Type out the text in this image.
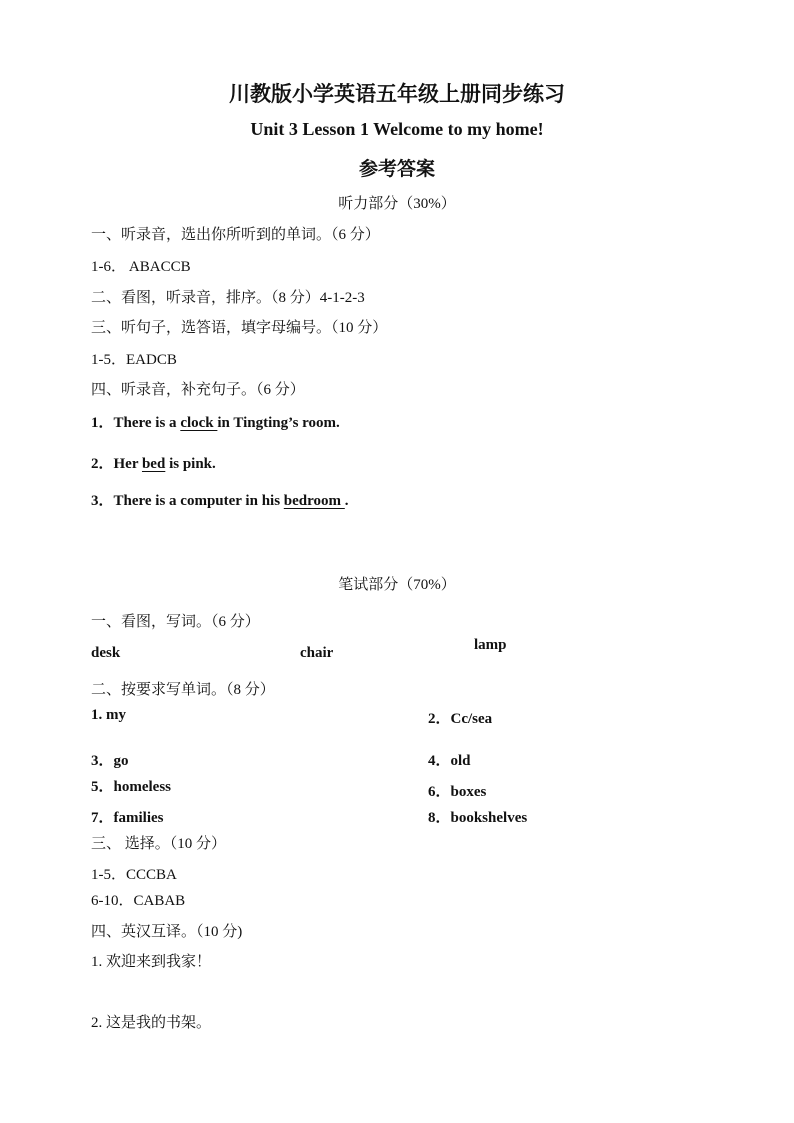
川教版小学英语五年级上册同步练习
Unit 3 Lesson 1 Welcome to my home!
参考答案
听力部分（30%）
一、听录音，选出你所听到的单词。（6 分）
1-6． ABACCB
二、看图，听录音，排序。（8 分）4-1-2-3
三、听句子，选答语，填字母编号。（10 分）
1-5．EADCB
四、听录音，补充句子。（6 分）
1．There is a clock in Tingting’s room.
2．Her bed is pink.
3．There is a computer in his bedroom .
笔试部分（70%）
一、看图，写词。（6 分）
desk	chair	lamp
二、按要求写单词。（8 分）
1. my	2．Cc/sea
3．go	4．old
5．homeless	6．boxes
7．families	8．bookshelves
三、 选择。（10 分）
1-5．CCCBA
6-10．CABAB
四、英汉互译。（10 分)
1. 欢迎来到我家！
2. 这是我的书架。
